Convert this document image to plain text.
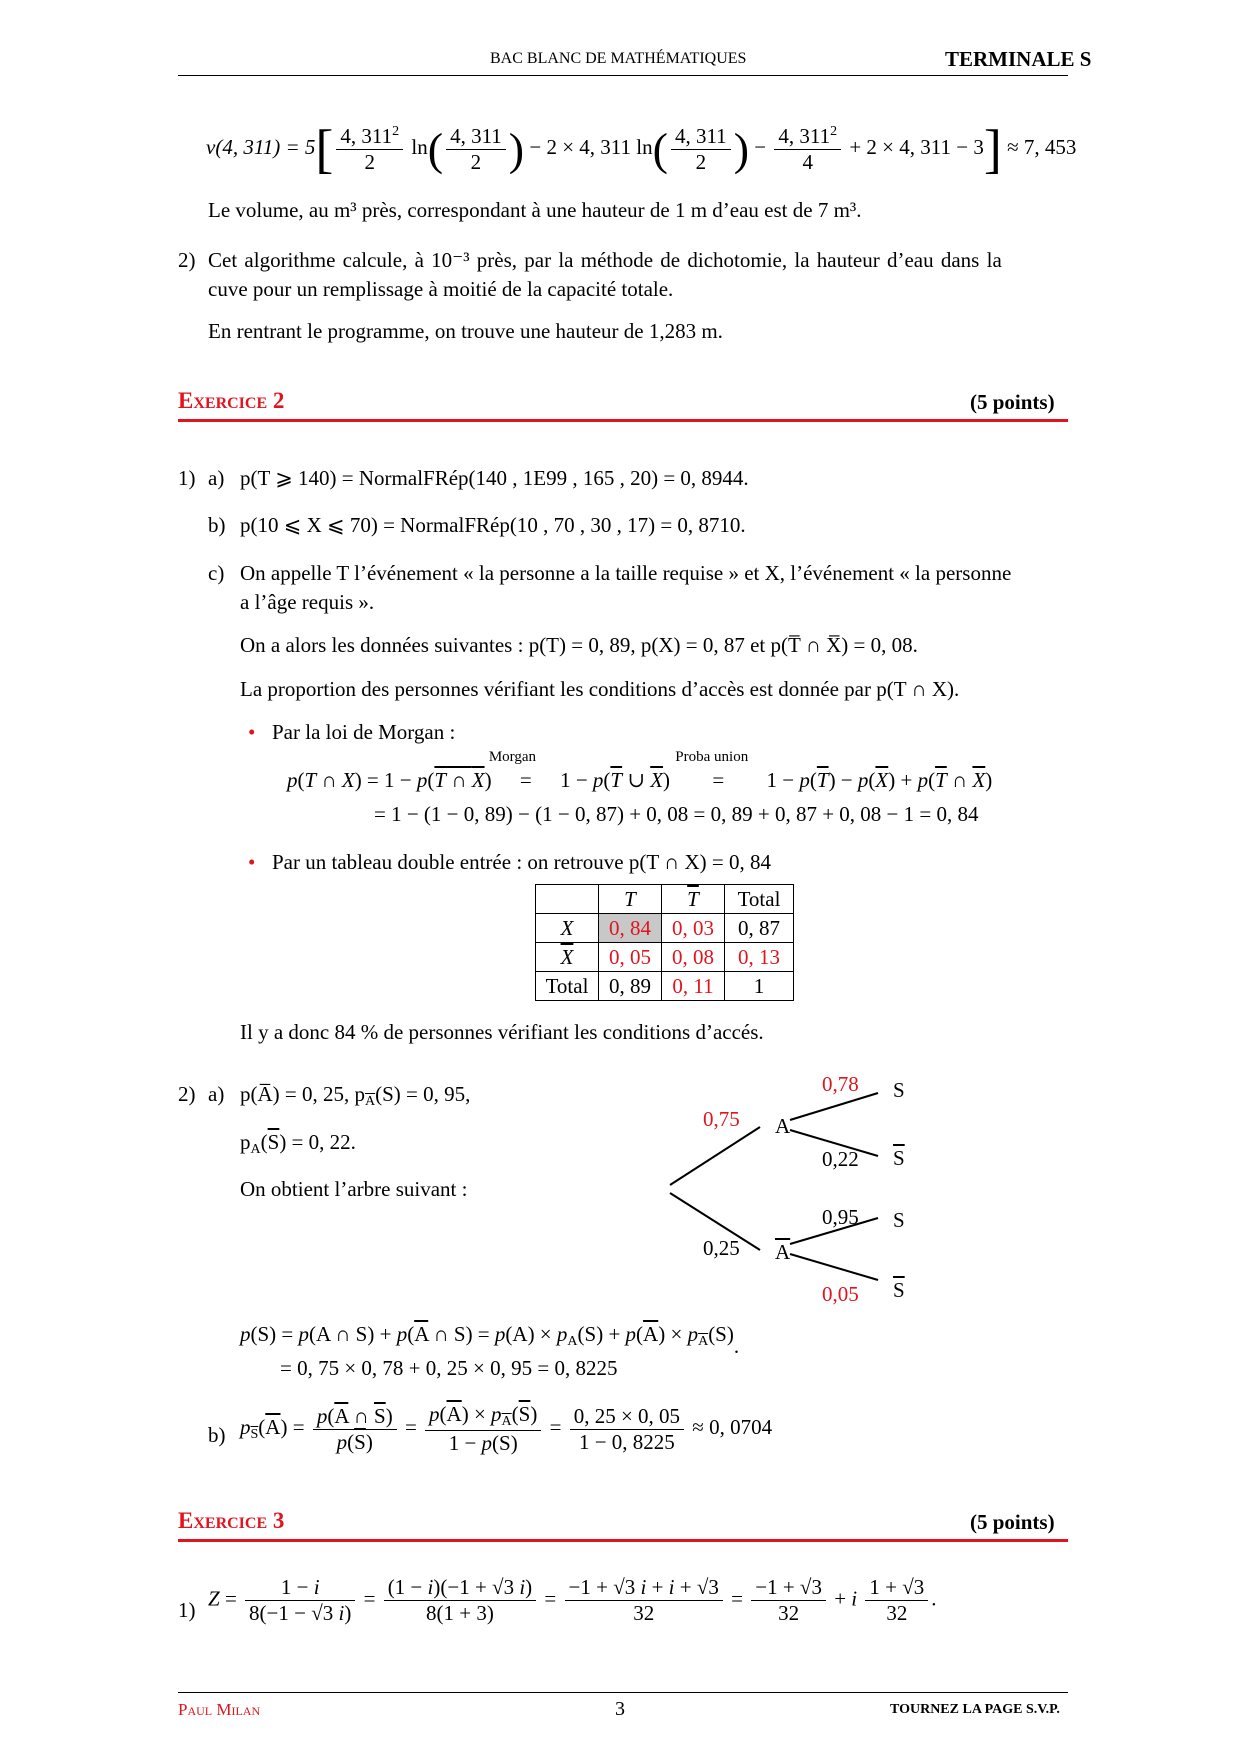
BAC BLANC DE MATHÉMATIQUES	TERMINALE S
v(4, $311) = 5[ \frac{4, 311^2}{2} \ln( \frac{4, 311}{2}$ ) − 2 × 4, 311 $\ln( \frac{4, 311}{2}$ ) − $\frac{4, 311^2}{4} + 2 \times 4$, 311 − 3] ≈ 7, 453
Le volume, au m³ près, correspondant à une hauteur de 1 m d’eau est de 7 m³.
2) Cet algorithme calcule, à 10⁻³ près, par la méthode de dichotomie, la hauteur d’eau dans la
cuve pour un remplissage à moitié de la capacité totale.
En rentrant le programme, on trouve une hauteur de 1,283 m.
Exercice 2	(5 points)
1) a) p(T ⩾ 140) = NormalFRép(140 , 1E99 , 165 , 20) = 0, 8944.
b) p(10 ⩽ X ⩽ 70) = NormalFRép(10 , 70 , 30 , 17) = 0, 8710.
c) On appelle T l’événement « la personne a la taille requise » et X, l’événement « la personne
a l’âge requis ».
On a alors les données suivantes : p(T) = 0, 89, p(X) = 0, 87 et p(T̅ ∩ X̅) = 0, 08.
La proportion des personnes vérifiant les conditions d’accès est donnée par p(T ∩ X).
• Par la loi de Morgan :
p(T ∩ X) = 1 − p(T ∩ X)
Morgan
= $1 - p(\overline{T}$ ∪ $\overline{X}$)
Proba union
= $1 - p(\overline{T}) - p(\overline{X}) + p(\overline{T}$ ∩ $\overline{X}$)
= 1 − (1 − 0, 89) − (1 − 0, 87) + 0, 08 = 0, 89 + 0, 87 + 0, 08 − 1 = 0, 84
• Par un tableau double entrée : on retrouve p(T ∩ X) = 0, 84
	T	$\overline{T}$	Total
X	0, 84	0, 03	0, 87
$\overline{X}$	0, 05	0, 08	0, 13
Total	0, 89	0, 11	1
Il y a donc 84 % de personnes vérifiant les conditions d’accés.
2) a) p(A̅) = 0, 25, $p_{\overline{A}}(S) = 0$, 95,
$p_A(\overline{S}) = 0$, 22.
On obtient l’arbre suivant :
0,75
0,25
A
$\overline{A}$
0,78
0,22
0,95
0,05
S
$\overline{S}$
S
$\overline{S}$
p(S) = p(A ∩ $S) + p(\overline{A}$ ∩ $S) = p(A) \times p_A(S) + p(\overline{A}) \times p_{\overline{A}}(S)$.
= 0, 75 × 0, 78 + 0, 25 × 0, 95 = 0, 8225
b) $p_{\overline{S}}(\overline{A}) = \frac{p(\overline{A} \cap \overline{S})}{p(\overline{S})} = \frac{p(\overline{A}) \times p_{\overline{A}}(\overline{S})}{1 - p(S)} = \frac{0, 25 \times 0, 05}{1 - 0, 8225} \approx 0$, 0704
Exercice 3	(5 points)
1) $Z = \frac{1 - i}{8(-1 - √3 i)} = \frac{(1 - i)(-1 + √3 i)}{8(1 + 3)} = \frac{-1 + √3 i + i + √3}{32} = \frac{-1 + √3}{32} + i \frac{1 + √3}{32}$ .
Paul Milan	3	TOURNEZ LA PAGE S.V.P.
